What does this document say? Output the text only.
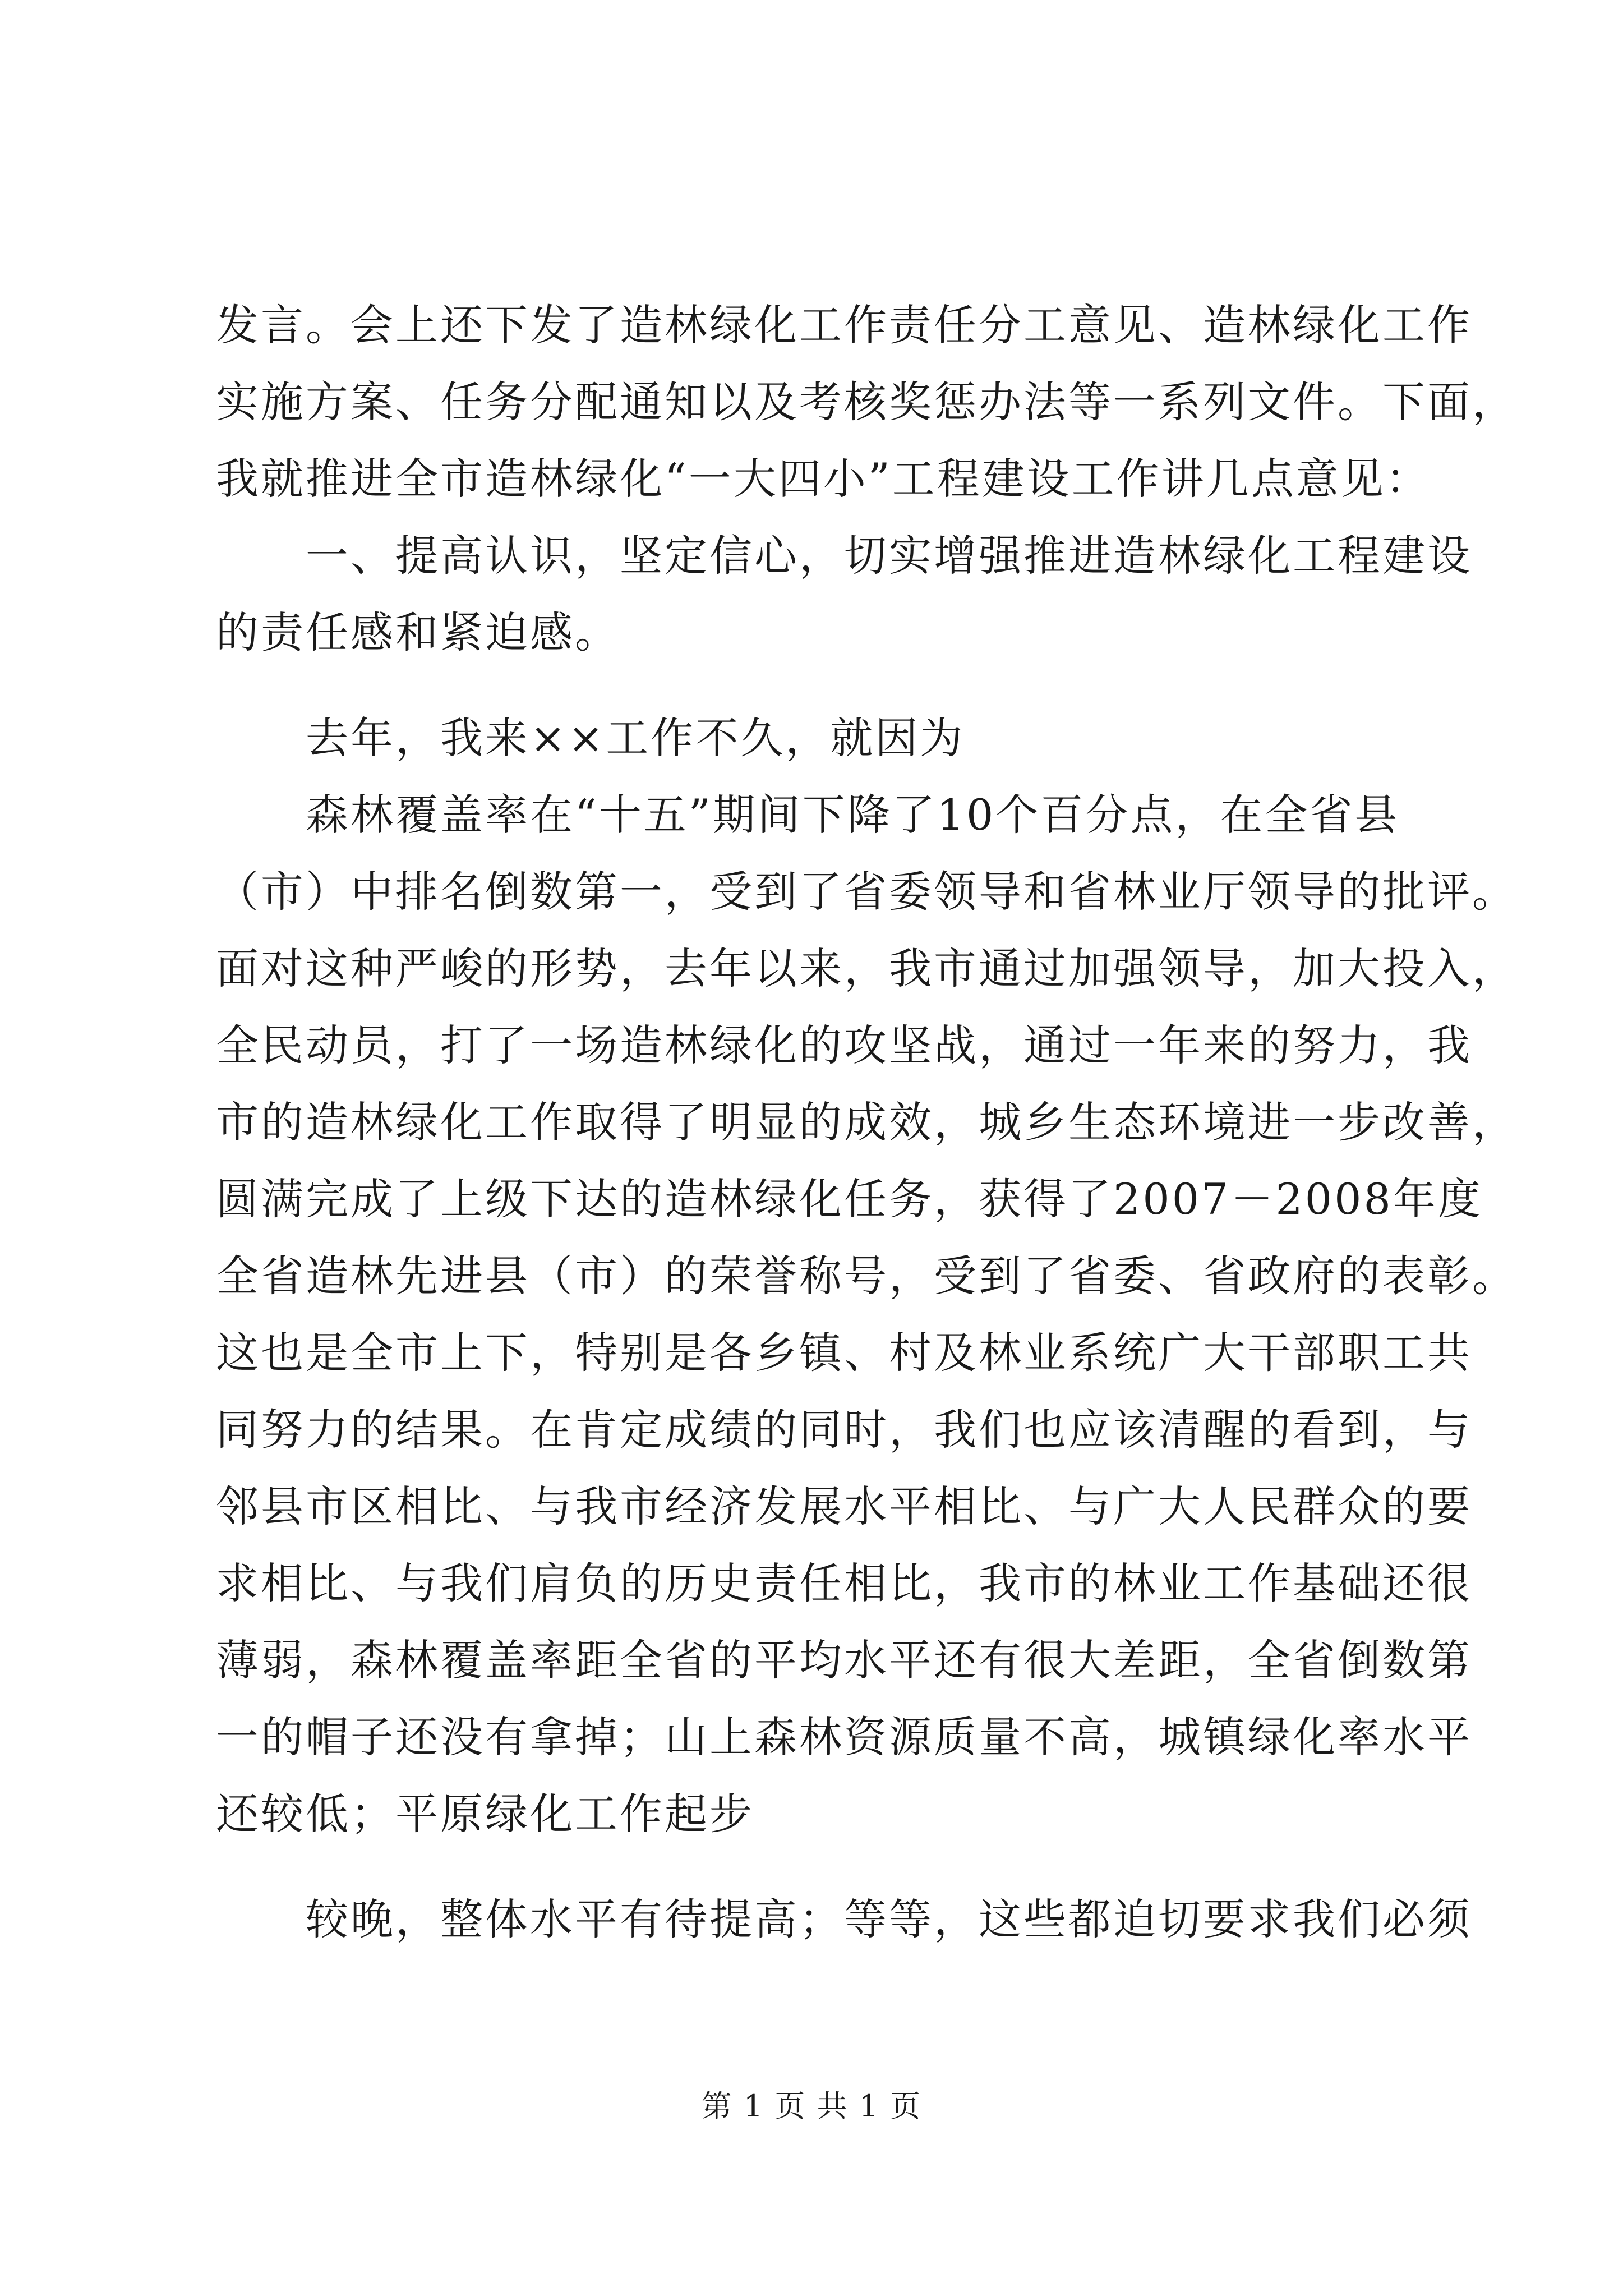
发言。会上还下发了造林绿化工作责任分工意见、造林绿化工作
实施方案、任务分配通知以及考核奖惩办法等一系列文件。下面，
我就推进全市造林绿化“一大四小”工程建设工作讲几点意见：
一、提高认识，坚定信心，切实增强推进造林绿化工程建设
的责任感和紧迫感。
去年，我来××工作不久，就因为
森林覆盖率在“十五”期间下降了10个百分点，在全省县
（市）中排名倒数第一，受到了省委领导和省林业厅领导的批评。
面对这种严峻的形势，去年以来，我市通过加强领导，加大投入，
全民动员，打了一场造林绿化的攻坚战，通过一年来的努力，我
市的造林绿化工作取得了明显的成效，城乡生态环境进一步改善，
圆满完成了上级下达的造林绿化任务，获得了2007－2008年度
全省造林先进县（市）的荣誉称号，受到了省委、省政府的表彰。
这也是全市上下，特别是各乡镇、村及林业系统广大干部职工共
同努力的结果。在肯定成绩的同时，我们也应该清醒的看到，与
邻县市区相比、与我市经济发展水平相比、与广大人民群众的要
求相比、与我们肩负的历史责任相比，我市的林业工作基础还很
薄弱，森林覆盖率距全省的平均水平还有很大差距，全省倒数第
一的帽子还没有拿掉；山上森林资源质量不高，城镇绿化率水平
还较低；平原绿化工作起步
较晚，整体水平有待提高；等等，这些都迫切要求我们必须
第 1 页 共 1 页
